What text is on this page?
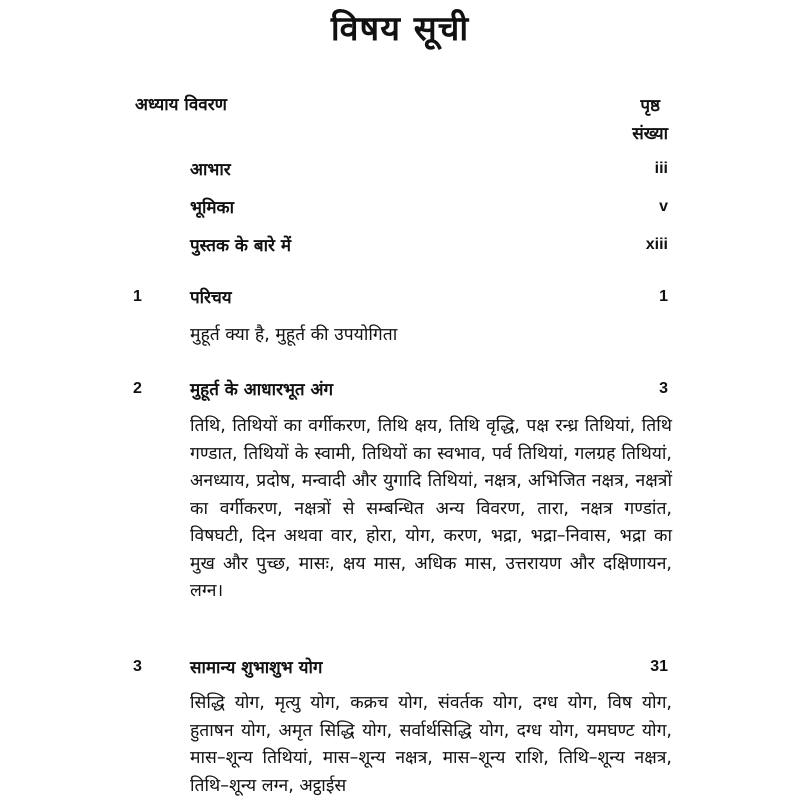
विषय सूची
अध्याय विवरण	पृष्ठ
संख्या
आभार	iii
भूमिका	v
पुस्तक के बारे में	xiii
1	परिचय	1
मुहूर्त क्या है, मुहूर्त की उपयोगिता
2	मुहूर्त के आधारभूत अंग	3
तिथि, तिथियों का वर्गीकरण, तिथि क्षय, तिथि वृद्धि, पक्ष रन्ध्र तिथियां, तिथि गण्डात, तिथियों के स्वामी, तिथियों का स्वभाव, पर्व तिथियां, गलग्रह तिथियां, अनध्याय, प्रदोष, मन्वादी और युगादि तिथियां, नक्षत्र, अभिजित नक्षत्र, नक्षत्रों का वर्गीकरण, नक्षत्रों से सम्बन्धित अन्य विवरण, तारा, नक्षत्र गण्डांत, विषघटी, दिन अथवा वार, होरा, योग, करण, भद्रा, भद्रा–निवास, भद्रा का मुख और पुच्छ, मासः, क्षय मास, अधिक मास, उत्तरायण और दक्षिणायन, लग्न।
3	सामान्य शुभाशुभ योग	31
सिद्धि योग, मृत्यु योग, कक्रच योग, संवर्तक योग, दग्ध योग, विष योग, हुताषन योग, अमृत सिद्धि योग, सर्वार्थसिद्धि योग, दग्ध योग, यमघण्ट योग, मास–शून्य तिथियां, मास–शून्य नक्षत्र, मास–शून्य राशि, तिथि–शून्य नक्षत्र, तिथि–शून्य लग्न, अट्ठाईस
